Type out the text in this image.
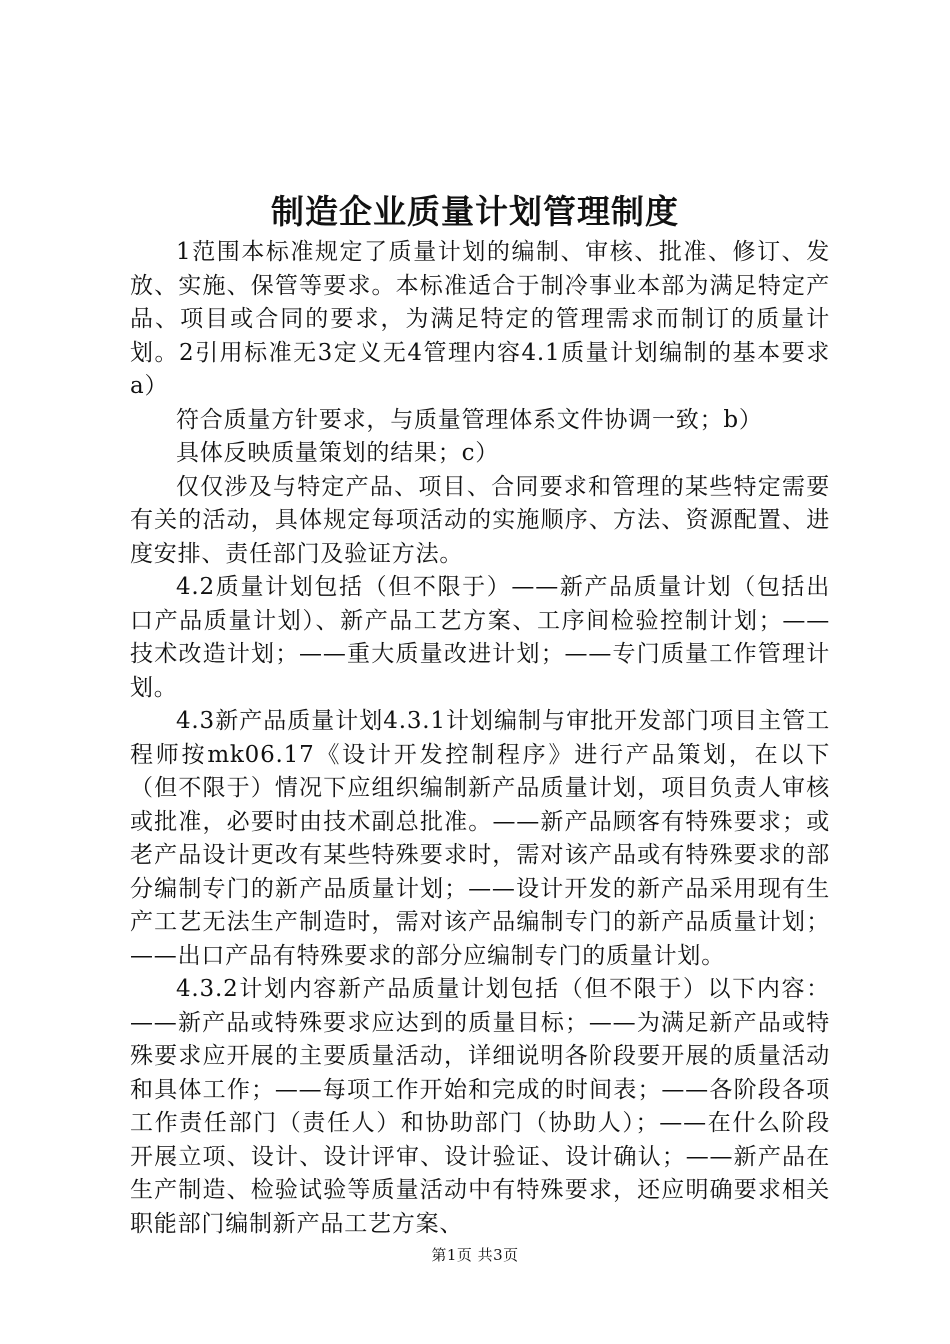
制造企业质量计划管理制度

1范围本标准规定了质量计划的编制、审核、批准、修订、发放、实施、保管等要求。本标准适合于制冷事业本部为满足特定产品、项目或合同的要求，为满足特定的管理需求而制订的质量计划。2引用标准无3定义无4管理内容4.1质量计划编制的基本要求a）

符合质量方针要求，与质量管理体系文件协调一致；b）

具体反映质量策划的结果；c）

仅仅涉及与特定产品、项目、合同要求和管理的某些特定需要有关的活动，具体规定每项活动的实施顺序、方法、资源配置、进度安排、责任部门及验证方法。

4.2质量计划包括（但不限于）——新产品质量计划（包括出口产品质量计划）、新产品工艺方案、工序间检验控制计划；——技术改造计划；——重大质量改进计划；——专门质量工作管理计划。

4.3新产品质量计划4.3.1计划编制与审批开发部门项目主管工程师按mk06.17《设计开发控制程序》进行产品策划，在以下（但不限于）情况下应组织编制新产品质量计划，项目负责人审核或批准，必要时由技术副总批准。——新产品顾客有特殊要求；或老产品设计更改有某些特殊要求时，需对该产品或有特殊要求的部分编制专门的新产品质量计划；——设计开发的新产品采用现有生产工艺无法生产制造时，需对该产品编制专门的新产品质量计划；——出口产品有特殊要求的部分应编制专门的质量计划。

4.3.2计划内容新产品质量计划包括（但不限于）以下内容：——新产品或特殊要求应达到的质量目标；——为满足新产品或特殊要求应开展的主要质量活动，详细说明各阶段要开展的质量活动和具体工作；——每项工作开始和完成的时间表；——各阶段各项工作责任部门（责任人）和协助部门（协助人）；——在什么阶段开展立项、设计、设计评审、设计验证、设计确认；——新产品在生产制造、检验试验等质量活动中有特殊要求，还应明确要求相关职能部门编制新产品工艺方案、

第1页 共3页
